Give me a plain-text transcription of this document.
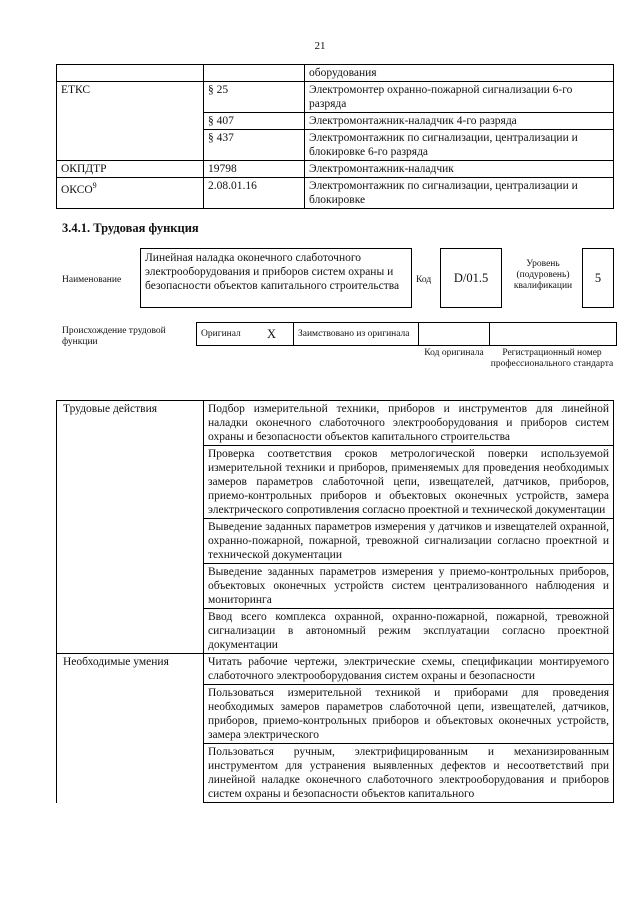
21
		оборудования
ЕТКС	§ 25	Электромонтер охранно-пожарной сигнализации 6-го разряда
	§ 407	Электромонтажник-наладчик 4-го разряда
	§ 437	Электромонтажник по сигнализации, централизации и блокировке 6-го разряда
ОКПДТР	19798	Электромонтажник-наладчик
ОКСО$^9$	2.08.01.16	Электромонтажник по сигнализации, централизации и блокировке
3.4.1. Трудовая функция
Наименование
Линейная наладка оконечного слаботочного электрооборудования и приборов систем охраны и безопасности объектов капитального строительства	Код D/01.5
Уровень (подуровень) квалификации
5
Происхождение трудовой функции
Оригинал	X	Заимствовано из оригинала		
Код оригинала	Регистрационный номер профессионального стандарта
Трудовые действия	Подбор измерительной техники, приборов и инструментов для линейной наладки оконечного слаботочного электрооборудования и приборов систем охраны и безопасности объектов капитального строительства
	Проверка соответствия сроков метрологической поверки используемой измерительной техники и приборов, применяемых для проведения необходимых замеров параметров слаботочной цепи, извещателей, датчиков, приборов, приемо-контрольных приборов и объектовых оконечных устройств, замера электрического сопротивления согласно проектной и технической документации
	Выведение заданных параметров измерения у датчиков и извещателей охранной, охранно-пожарной, пожарной, тревожной сигнализации согласно проектной и технической документации
	Выведение заданных параметров измерения у приемо-контрольных приборов, объектовых оконечных устройств систем централизованного наблюдения и мониторинга
	Ввод всего комплекса охранной, охранно-пожарной, пожарной, тревожной сигнализации в автономный режим эксплуатации согласно проектной документации
Необходимые умения	Читать рабочие чертежи, электрические схемы, спецификации монтируемого слаботочного электрооборудования систем охраны и безопасности
	Пользоваться измерительной техникой и приборами для проведения необходимых замеров параметров слаботочной цепи, извещателей, датчиков, приборов, приемо-контрольных приборов и объектовых оконечных устройств, замера электрического
	Пользоваться ручным, электрифицированным и механизированным инструментом для устранения выявленных дефектов и несоответствий при линейной наладке оконечного слаботочного электрооборудования и приборов систем охраны и безопасности объектов капитального
